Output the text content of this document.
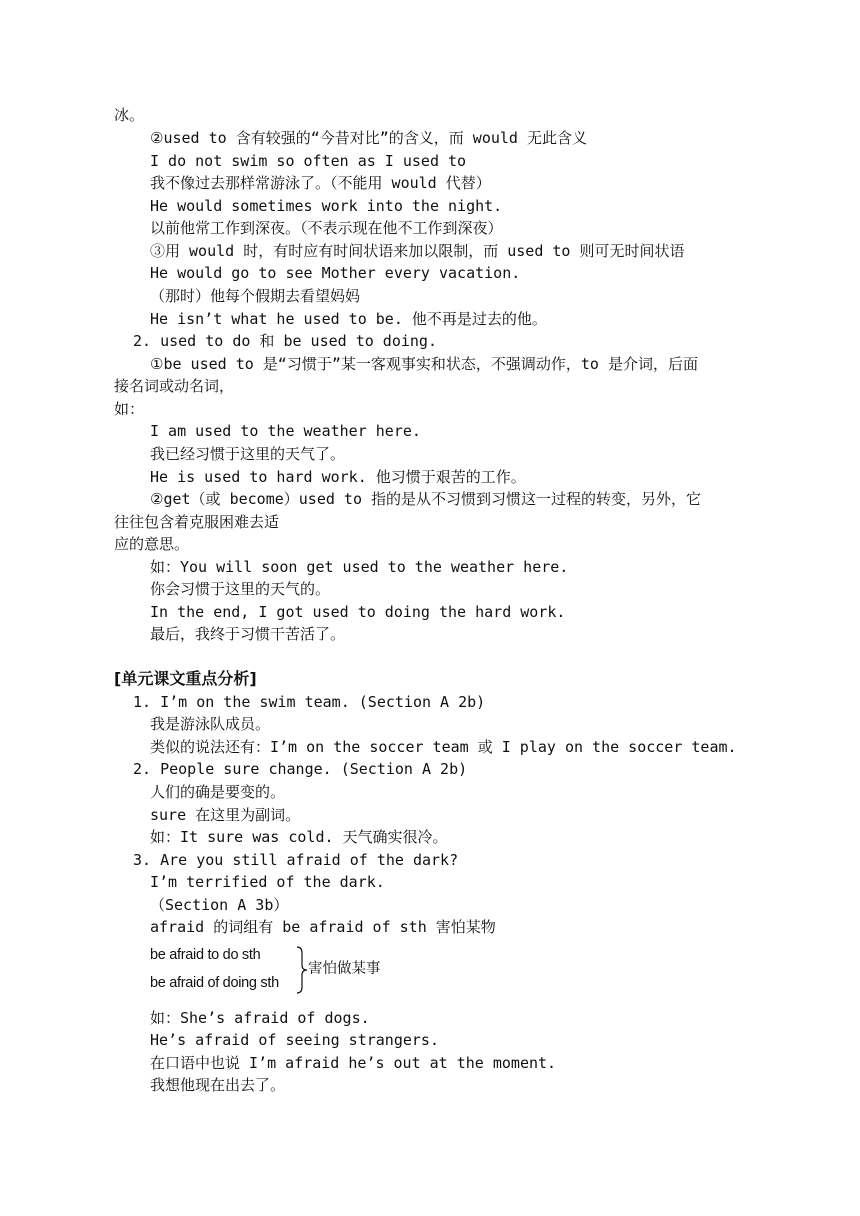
冰。
②used to 含有较强的“今昔对比”的含义，而 would 无此含义
I do not swim so often as I used to
我不像过去那样常游泳了。（不能用 would 代替）
He would sometimes work into the night.
以前他常工作到深夜。（不表示现在他不工作到深夜）
③用 would 时，有时应有时间状语来加以限制，而 used to 则可无时间状语
He would go to see Mother every vacation.
（那时）他每个假期去看望妈妈
He isn’t what he used to be. 他不再是过去的他。
2. used to do 和 be used to doing.
①be used to 是“习惯于”某一客观事实和状态，不强调动作，to 是介词，后面
接名词或动名词，
如：
I am used to the weather here.
我已经习惯于这里的天气了。
He is used to hard work. 他习惯于艰苦的工作。
②get（或 become）used to 指的是从不习惯到习惯这一过程的转变，另外，它
往往包含着克服困难去适
应的意思。
如：You will soon get used to the weather here.
你会习惯于这里的天气的。
In the end, I got used to doing the hard work.
最后，我终于习惯干苦活了。
[单元课文重点分析]
1. I’m on the swim team. (Section A 2b)
我是游泳队成员。
类似的说法还有：I’m on the soccer team 或 I play on the soccer team.
2. People sure change. (Section A 2b)
人们的确是要变的。
sure 在这里为副词。
如：It sure was cold. 天气确实很冷。
3. Are you still afraid of the dark?
I’m terrified of the dark.
（Section A 3b）
afraid 的词组有 be afraid of sth 害怕某物
be afraid to do sth
be afraid of doing sth
害怕做某事
如：She’s afraid of dogs.
He’s afraid of seeing strangers.
在口语中也说 I’m afraid he’s out at the moment.
我想他现在出去了。
